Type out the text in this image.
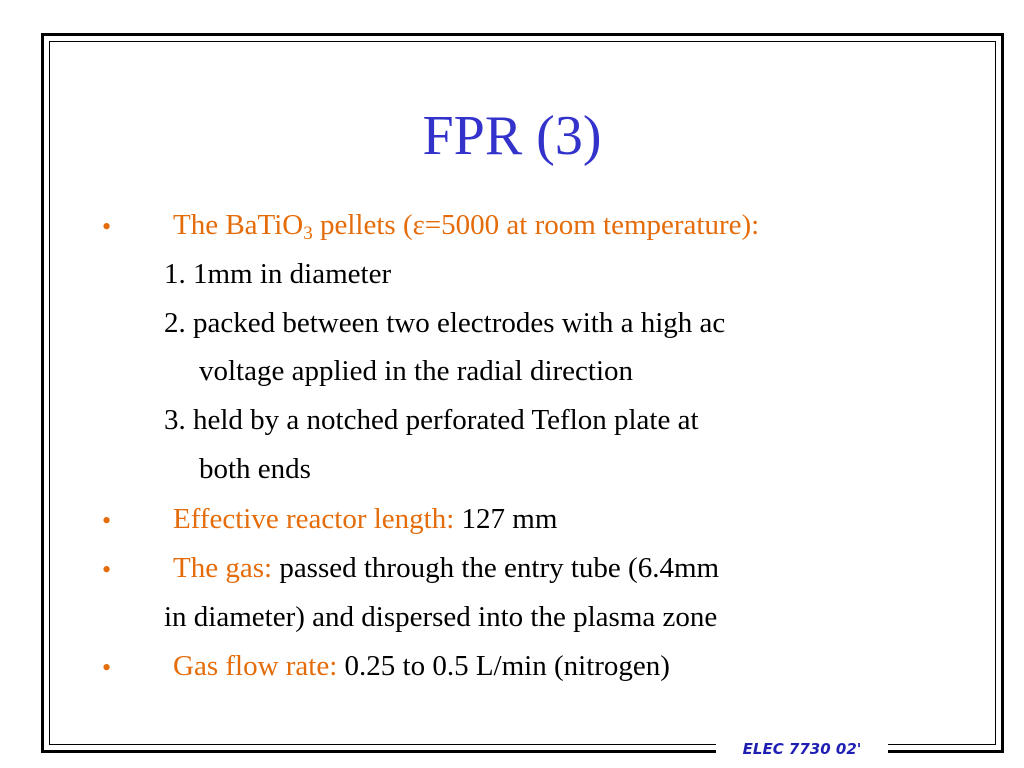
FPR (3)
• The BaTiO$_3$ pellets (ε=5000 at room temperature):
1. 1mm in diameter
2. packed between two electrodes with a high ac
voltage applied in the radial direction
3. held by a notched perforated Teflon plate at
both ends
• Effective reactor length: 127 mm
• The gas: passed through the entry tube (6.4mm
in diameter) and dispersed into the plasma zone
• Gas flow rate: 0.25 to 0.5 L/min (nitrogen)
ELEC 7730 02'
